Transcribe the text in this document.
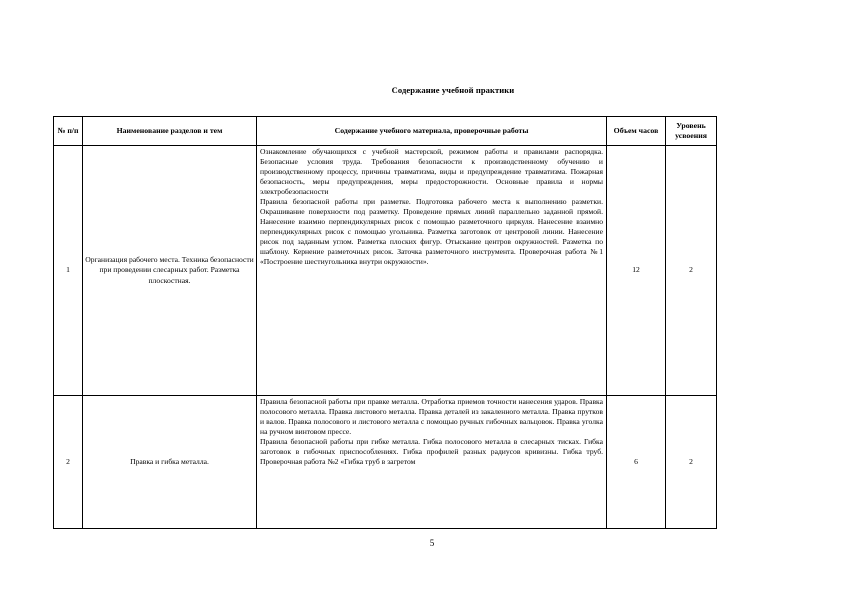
Содержание учебной практики
№ п/п	Наименование разделов и тем	Содержание учебного материала, проверочные работы	Объем часов	Уровень усвоения
1	Организация рабочего места. Техника безопасности при проведении слесарных работ. Разметка плоскостная.	Ознакомление обучающихся с учебной мастерской, режимом работы и правилами распорядка. Безопасные условия труда. Требования безопасности к производственному обучению и производственному процессу, причины травматизма, виды и предупреждение травматизма. Пожарная безопасность, меры предупреждения, меры предосторожности. Основные правила и нормы электробезопасности

Правила безопасной работы при разметке. Подготовка рабочего места к выполнению разметки. Окрашивание поверхности под разметку. Проведение прямых линий параллельно заданной прямой. Нанесение взаимно перпендикулярных рисок с помощью разметочного циркуля. Нанесение взаимно перпендикулярных рисок с помощью угольника. Разметка заготовок от центровой линии. Нанесение рисок под заданным углом. Разметка плоских фигур. Отыскание центров окружностей. Разметка по шаблону. Кернение разметочных рисок. Заточка разметочного инструмента. Проверочная работа №1 «Построение шестиугольника внутри окружности».	12	2
2	Правка и гибка металла.	Правила безопасной работы при правке металла. Отработка приемов точности нанесения ударов. Правка полосового металла. Правка листового металла. Правка деталей из закаленного металла. Правка прутков и валов. Правка полосового и листового металла с помощью ручных гибочных вальцовок. Правка уголка на ручном винтовом прессе.

Правила безопасной работы при гибке металла. Гибка полосового металла в слесарных тисках. Гибка заготовок в гибочных приспособлениях. Гибка профилей разных радиусов кривизны. Гибка труб. Проверочная работа №2 «Гибка труб в загретом	6	2
5
